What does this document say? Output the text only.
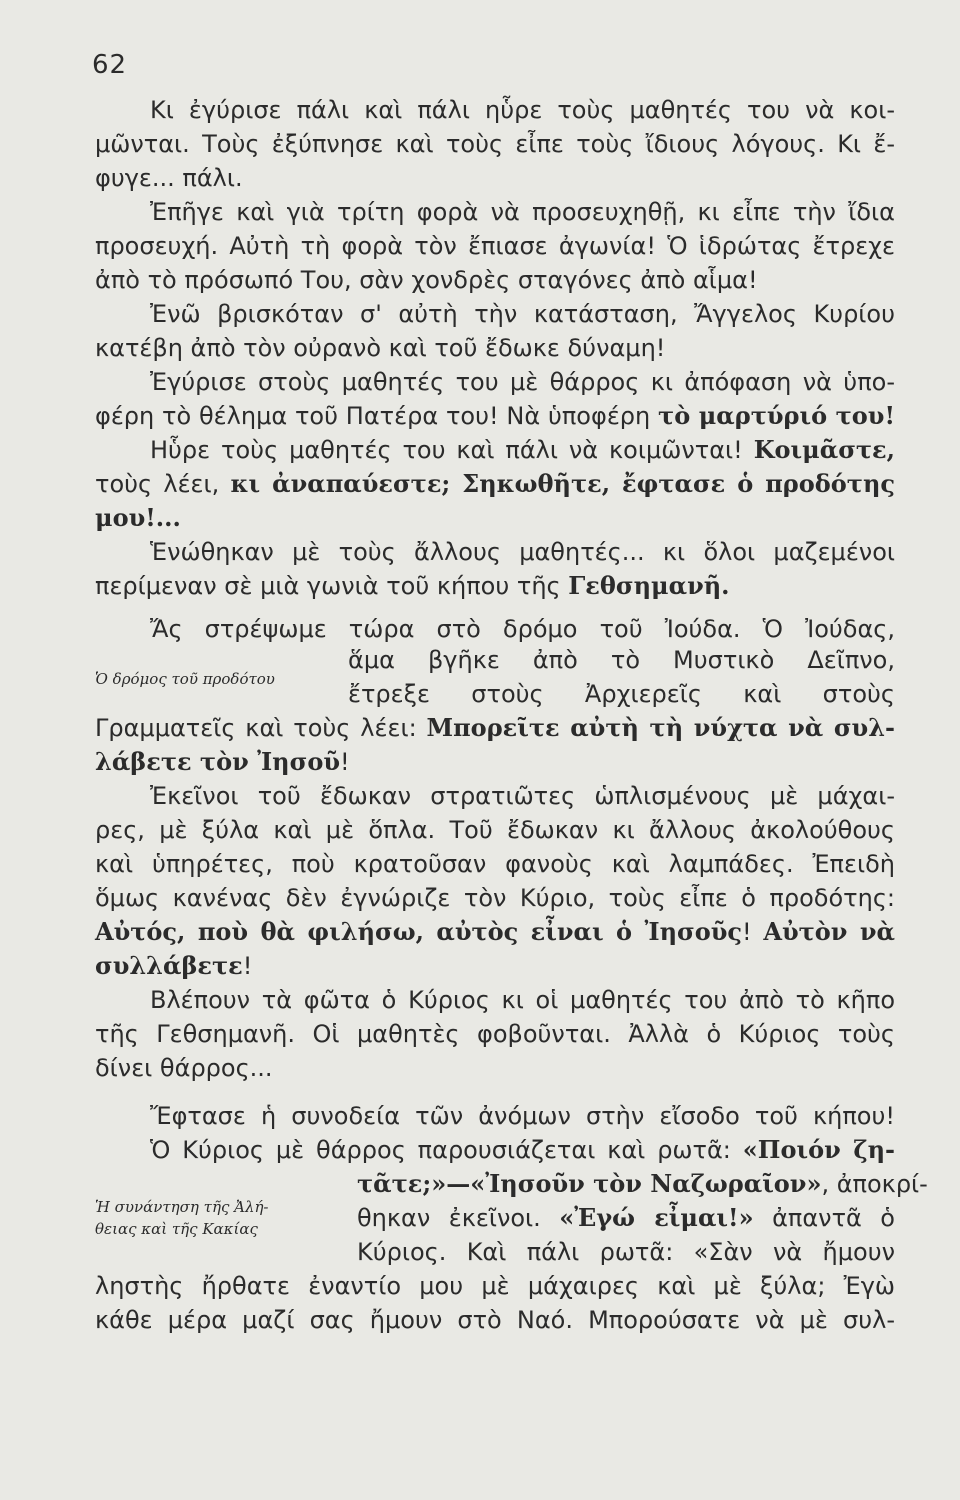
62
Κι ἐγύρισε πάλι καὶ πάλι ηὗρε τοὺς μαθητές του νὰ κοι-
μῶνται. Τοὺς ἐξύπνησε καὶ τοὺς εἶπε τοὺς ἴδιους λόγους. Κι ἔ-
φυγε... πάλι.
Ἐπῆγε καὶ γιὰ τρίτη φορὰ νὰ προσευχηθῇ, κι εἶπε τὴν ἴδια
προσευχή. Αὐτὴ τὴ φορὰ τὸν ἔπιασε ἀγωνία! Ὁ ἱδρώτας ἔτρεχε
ἀπὸ τὸ πρόσωπό Του, σὰν χονδρὲς σταγόνες ἀπὸ αἷμα!
Ἐνῶ βρισκόταν σ' αὐτὴ τὴν κατάσταση, Ἄγγελος Κυρίου
κατέβη ἀπὸ τὸν οὐρανὸ καὶ τοῦ ἔδωκε δύναμη!
Ἐγύρισε στοὺς μαθητές του μὲ θάρρος κι ἀπόφαση νὰ ὑπο-
φέρη τὸ θέλημα τοῦ Πατέρα του! Νὰ ὑποφέρη τὸ μαρτύριό του!
Ηὗρε τοὺς μαθητές του καὶ πάλι νὰ κοιμῶνται! Κοιμᾶστε,
τοὺς λέει, κι ἀναπαύεστε; Σηκωθῆτε, ἔφτασε ὁ προδότης
μου!...
Ἑνώθηκαν μὲ τοὺς ἄλλους μαθητές... κι ὅλοι μαζεμένοι
περίμεναν σὲ μιὰ γωνιὰ τοῦ κήπου τῆς Γεθσημανῆ.
Ἄς στρέψωμε τώρα στὸ δρόμο τοῦ Ἰούδα. Ὁ Ἰούδας,
Ὁ δρόμος τοῦ προδότου
ἅμα βγῆκε ἀπὸ τὸ Μυστικὸ Δεῖπνο,
ἔτρεξε στοὺς Ἀρχιερεῖς καὶ στοὺς
Γραμματεῖς καὶ τοὺς λέει: Μπορεῖτε αὐτὴ τὴ νύχτα νὰ συλ-
λάβετε τὸν Ἰησοῦ!
Ἐκεῖνοι τοῦ ἔδωκαν στρατιῶτες ὡπλισμένους μὲ μάχαι-
ρες, μὲ ξύλα καὶ μὲ ὅπλα. Τοῦ ἔδωκαν κι ἄλλους ἀκολούθους
καὶ ὑπηρέτες, ποὺ κρατοῦσαν φανοὺς καὶ λαμπάδες. Ἐπειδὴ
ὅμως κανένας δὲν ἐγνώριζε τὸν Κύριο, τοὺς εἶπε ὁ προδότης:
Αὐτός, ποὺ θὰ φιλήσω, αὐτὸς εἶναι ὁ Ἰησοῦς! Αὐτὸν νὰ
συλλάβετε!
Βλέπουν τὰ φῶτα ὁ Κύριος κι οἱ μαθητές του ἀπὸ τὸ κῆπο
τῆς Γεθσημανῆ. Οἱ μαθητὲς φοβοῦνται. Ἀλλὰ ὁ Κύριος τοὺς
δίνει θάρρος...
Ἔφτασε ἡ συνοδεία τῶν ἀνόμων στὴν εἴσοδο τοῦ κήπου!
Ὁ Κύριος μὲ θάρρος παρουσιάζεται καὶ ρωτᾶ: «Ποιόν ζη-
τᾶτε;»—«Ἰησοῦν τὸν Ναζωραῖον», ἀποκρί-
Ἡ συνάντηση τῆς Ἀλή-
θειας καὶ τῆς Κακίας	θηκαν ἐκεῖνοι. «Ἐγώ εἶμαι!» ἀπαντᾶ ὁ
Κύριος. Καὶ πάλι ρωτᾶ: «Σὰν νὰ ἤμουν
ληστὴς ἤρθατε ἐναντίο μου μὲ μάχαιρες καὶ μὲ ξύλα; Ἐγὼ
κάθε μέρα μαζί σας ἤμουν στὸ Ναό. Μπορούσατε νὰ μὲ συλ-
